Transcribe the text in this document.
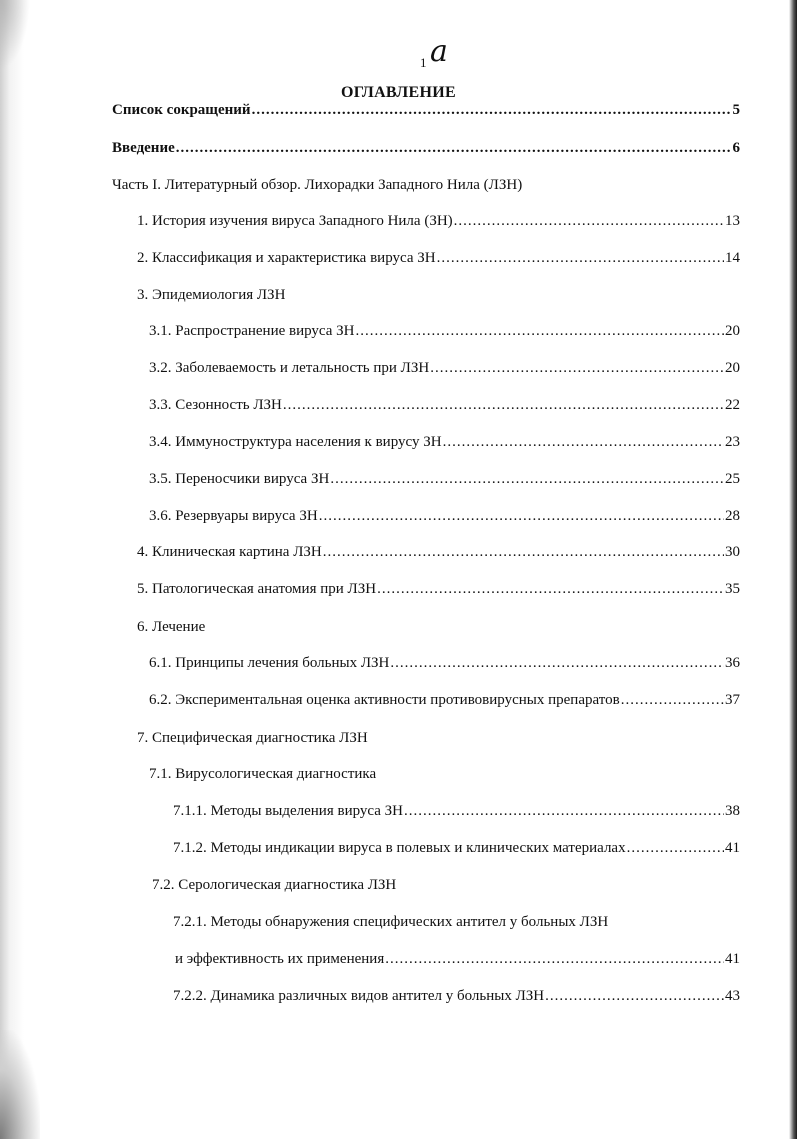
a
1
ОГЛАВЛЕНИЕ
Список сокращений .....	5
Введение .....	6
Часть I. Литературный обзор. Лихорадки Западного Нила (ЛЗН)
1. История изучения вируса Западного Нила (ЗН) .....	13
2. Классификация и характеристика вируса ЗН .....	14
3. Эпидемиология ЛЗН
3.1. Распространение вируса ЗН .....	20
3.2. Заболеваемость и летальность при ЛЗН .....	20
3.3. Сезонность ЛЗН .....	22
3.4. Иммуноструктура населения к вирусу ЗН .....	23
3.5. Переносчики вируса ЗН .....	25
3.6. Резервуары вируса ЗН .....	28
4. Клиническая картина ЛЗН .....	30
5. Патологическая анатомия при ЛЗН .....	35
6. Лечение
6.1. Принципы лечения больных ЛЗН .....	36
6.2. Экспериментальная оценка активности противовирусных препаратов .....	37
7. Специфическая диагностика ЛЗН
7.1. Вирусологическая диагностика
7.1.1. Методы выделения вируса ЗН .....	38
7.1.2. Методы индикации вируса в полевых и клинических материалах .....	41
7.2. Серологическая диагностика ЛЗН
7.2.1. Методы обнаружения специфических антител у больных ЛЗН
и эффективность их применения .....	41
7.2.2. Динамика различных видов антител у больных ЛЗН .....	43
